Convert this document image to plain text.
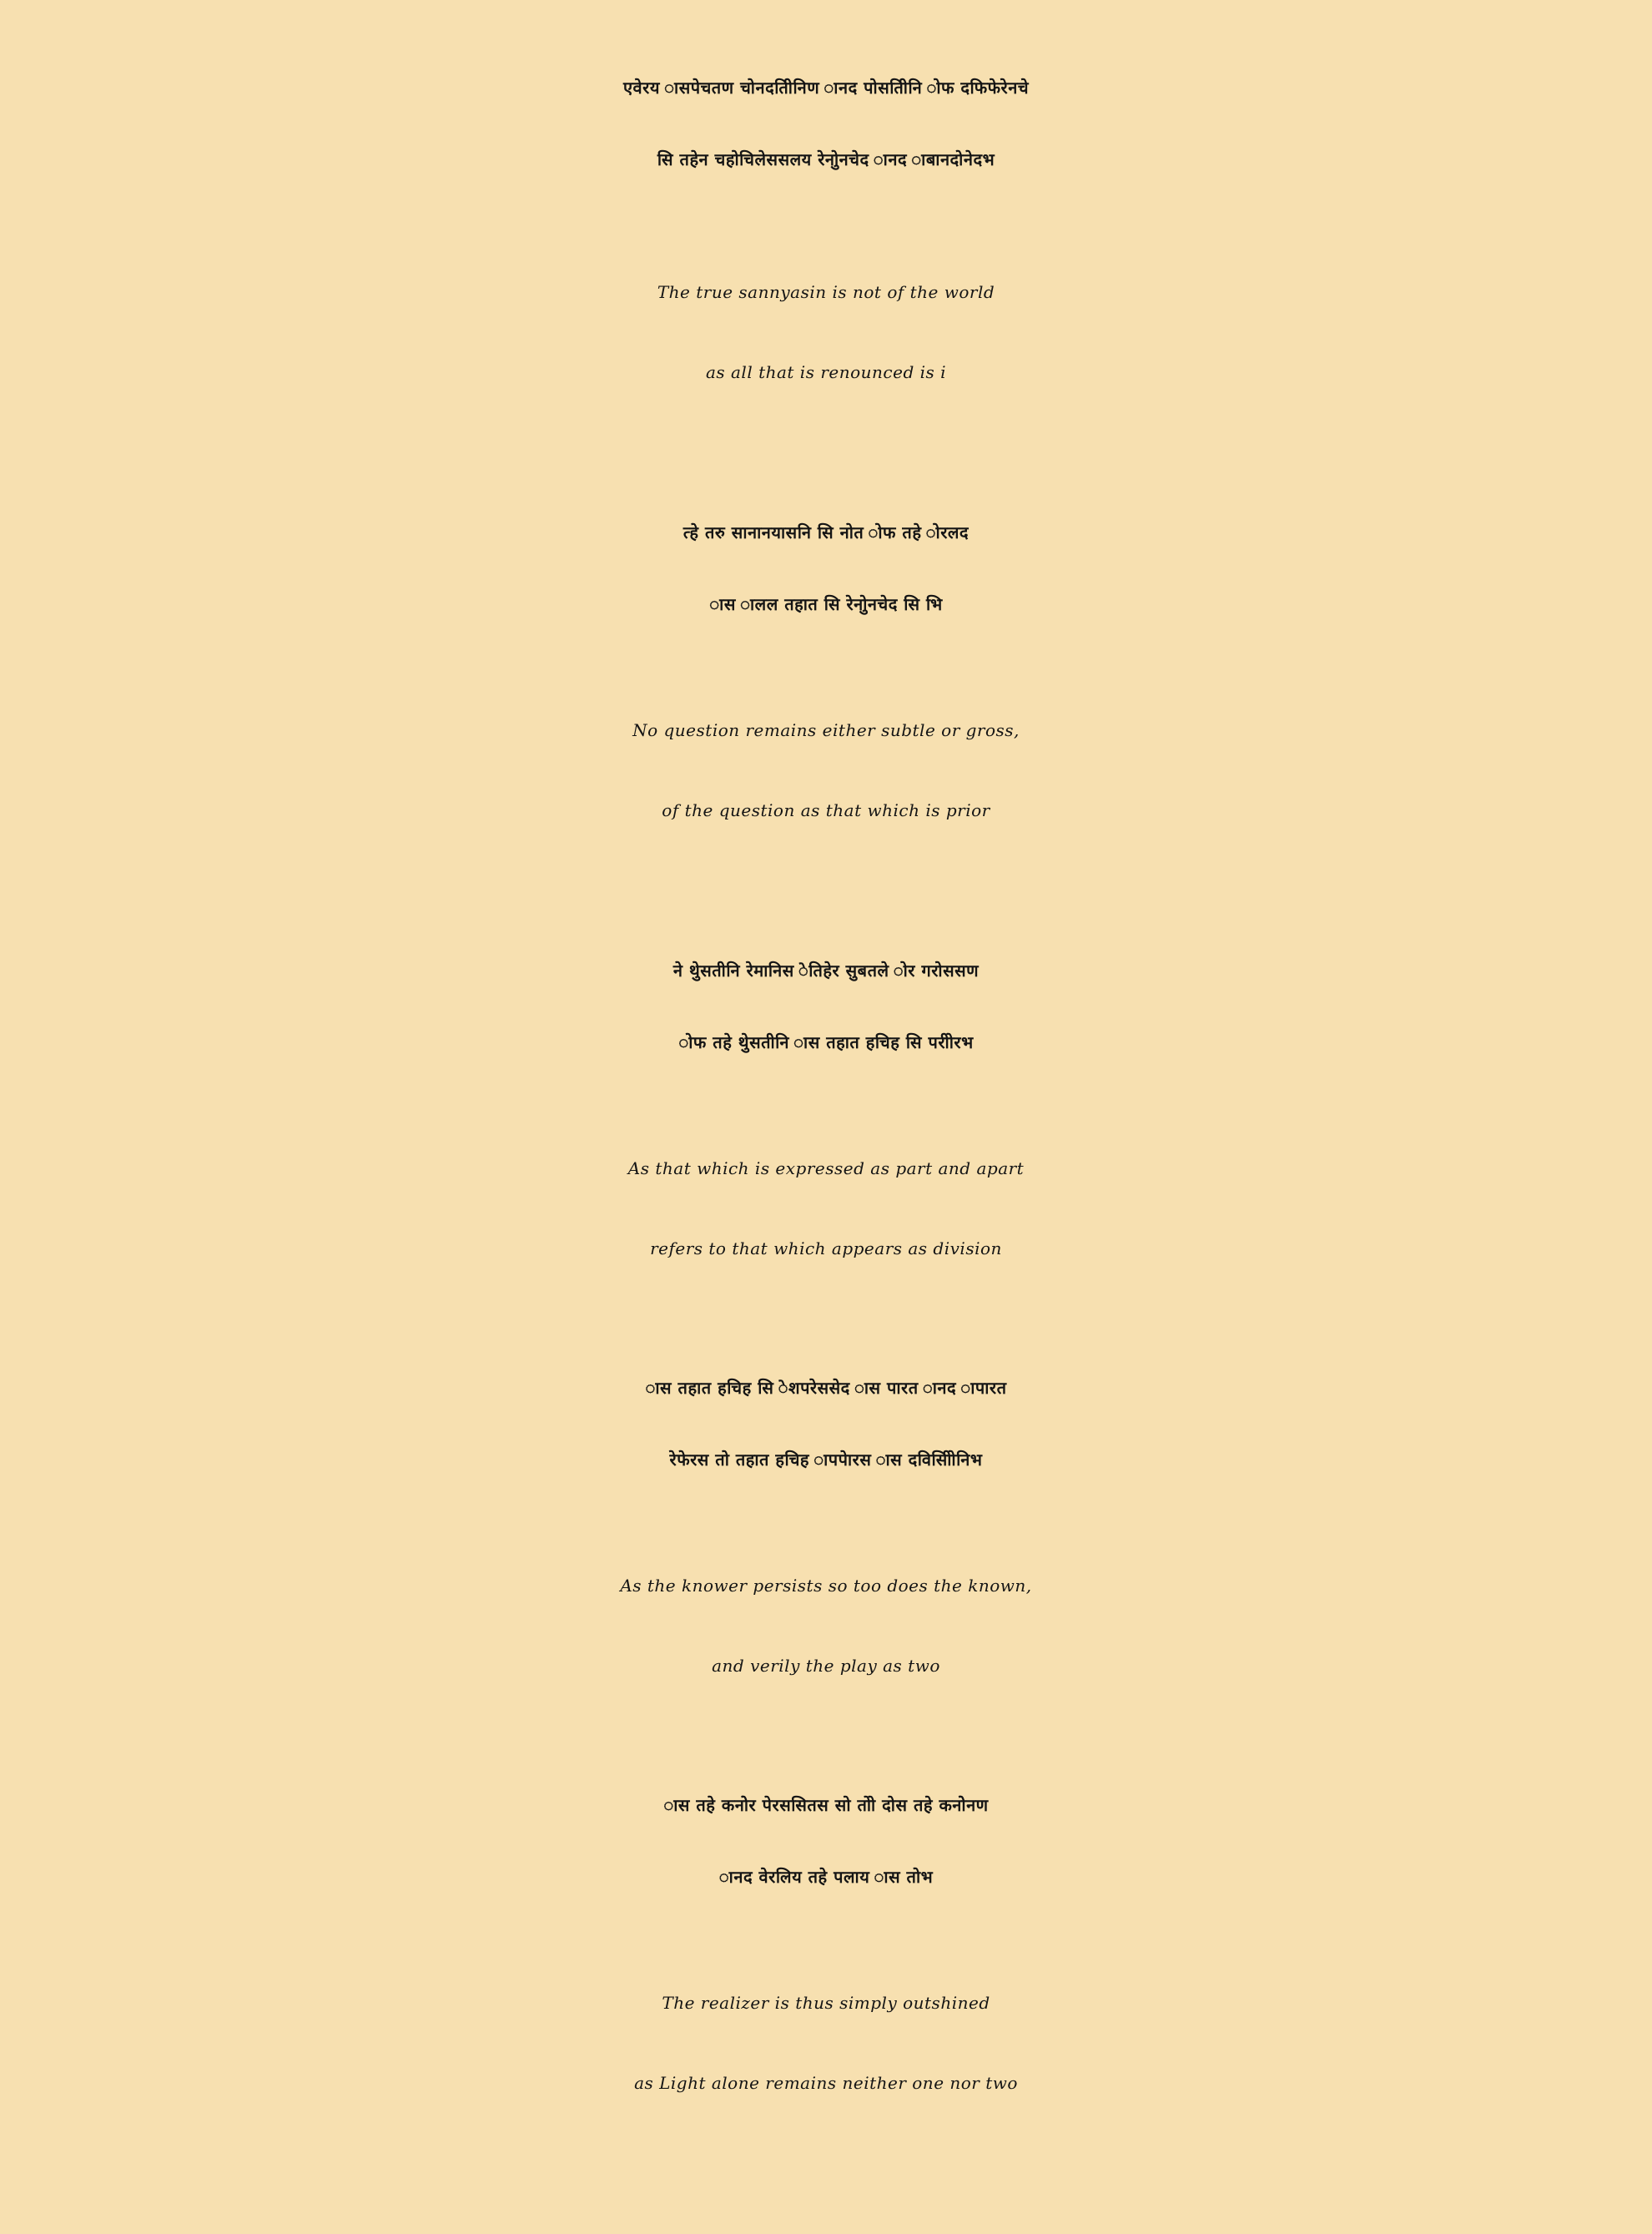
एवेरय ासपेचतण चोनदतिीनिण ानद पोसतिीनि ोफ दफिफेरेनचे
सि तहेन चहोचिलेससलय रेनोुनचेद ानद ाबानदोनेदभ
The true sannyasin is not of the world
as all that is renounced is i
त्हे तरु सानानयासनि सि नोत ोफ तहे ोरलद
ास ालल तहात सि रेनोुनचेद सि भि
No question remains either subtle or gross,
of the question as that which is prior
ने थुेसतीनि रेमानिस ेतिहेर सुबतले ोर गरोससण
ोफ तहे थुेसतीनि ास तहात हचिह सि परीोरभ
As that which is expressed as part and apart
refers to that which appears as division
ास तहात हचिह सि ेशपरेससेद ास पारत ानद ापारत
रेफेरस तो तहात हचिह ापपेारस ास दविसीिोनिभ
As the knower persists so too does the known,
and verily the play as two
ास तहे कनोेर पेरससितस सो तोो दोस तहे कनोेनण
ानद वेरलिय तहे पलाय ास तोभ
The realizer is thus simply outshined
as Light alone remains neither one nor two
